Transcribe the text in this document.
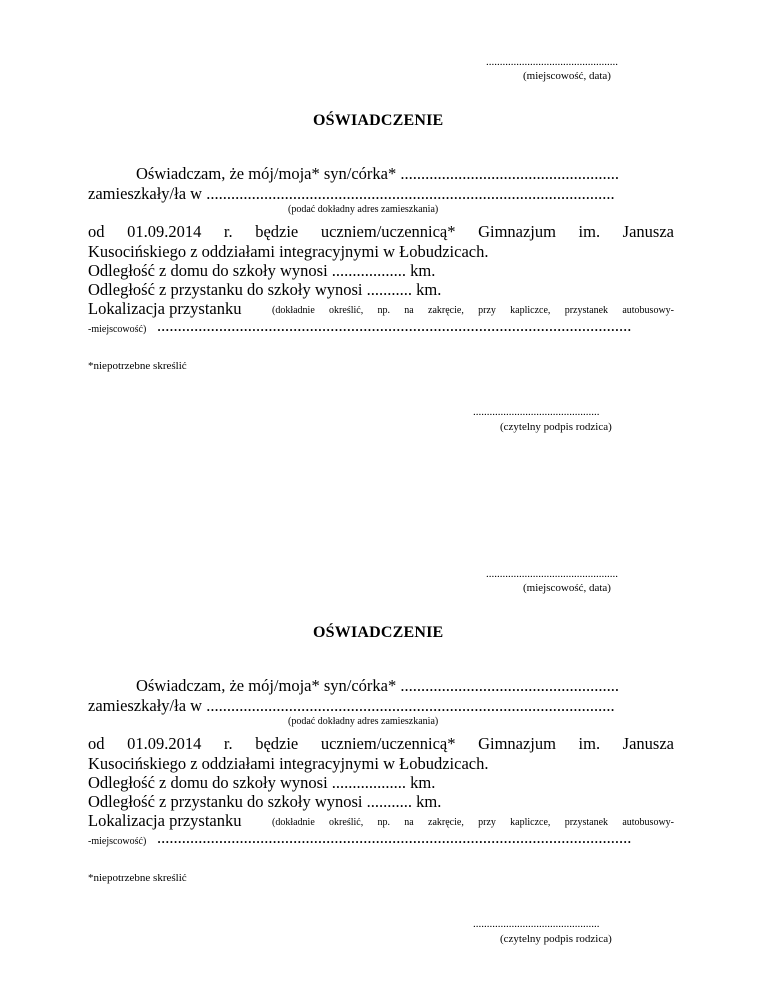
................................................
(miejscowość, data)
OŚWIADCZENIE
Oświadczam, że mój/moja* syn/córka* .....................................................
zamieszkały/ła w ...................................................................................................
(podać dokładny adres zamieszkania)
od 01.09.2014 r. będzie uczniem/uczennicą* Gimnazjum im. Janusza
Kusocińskiego z oddziałami integracyjnymi w Łobudzicach.
Odległość z domu do szkoły wynosi .................. km.
Odległość z przystanku do szkoły wynosi ........... km.
Lokalizacja przystanku	(dokładnie określić, np. na zakręcie, przy kapliczce, przystanek autobusowy-
-miejscowość) ...................................................................................................................
*niepotrzebne skreślić
..............................................
(czytelny podpis rodzica)
................................................
(miejscowość, data)
OŚWIADCZENIE
Oświadczam, że mój/moja* syn/córka* .....................................................
zamieszkały/ła w ...................................................................................................
(podać dokładny adres zamieszkania)
od 01.09.2014 r. będzie uczniem/uczennicą* Gimnazjum im. Janusza
Kusocińskiego z oddziałami integracyjnymi w Łobudzicach.
Odległość z domu do szkoły wynosi .................. km.
Odległość z przystanku do szkoły wynosi ........... km.
Lokalizacja przystanku	(dokładnie określić, np. na zakręcie, przy kapliczce, przystanek autobusowy-
-miejscowość) ...................................................................................................................
*niepotrzebne skreślić
..............................................
(czytelny podpis rodzica)
